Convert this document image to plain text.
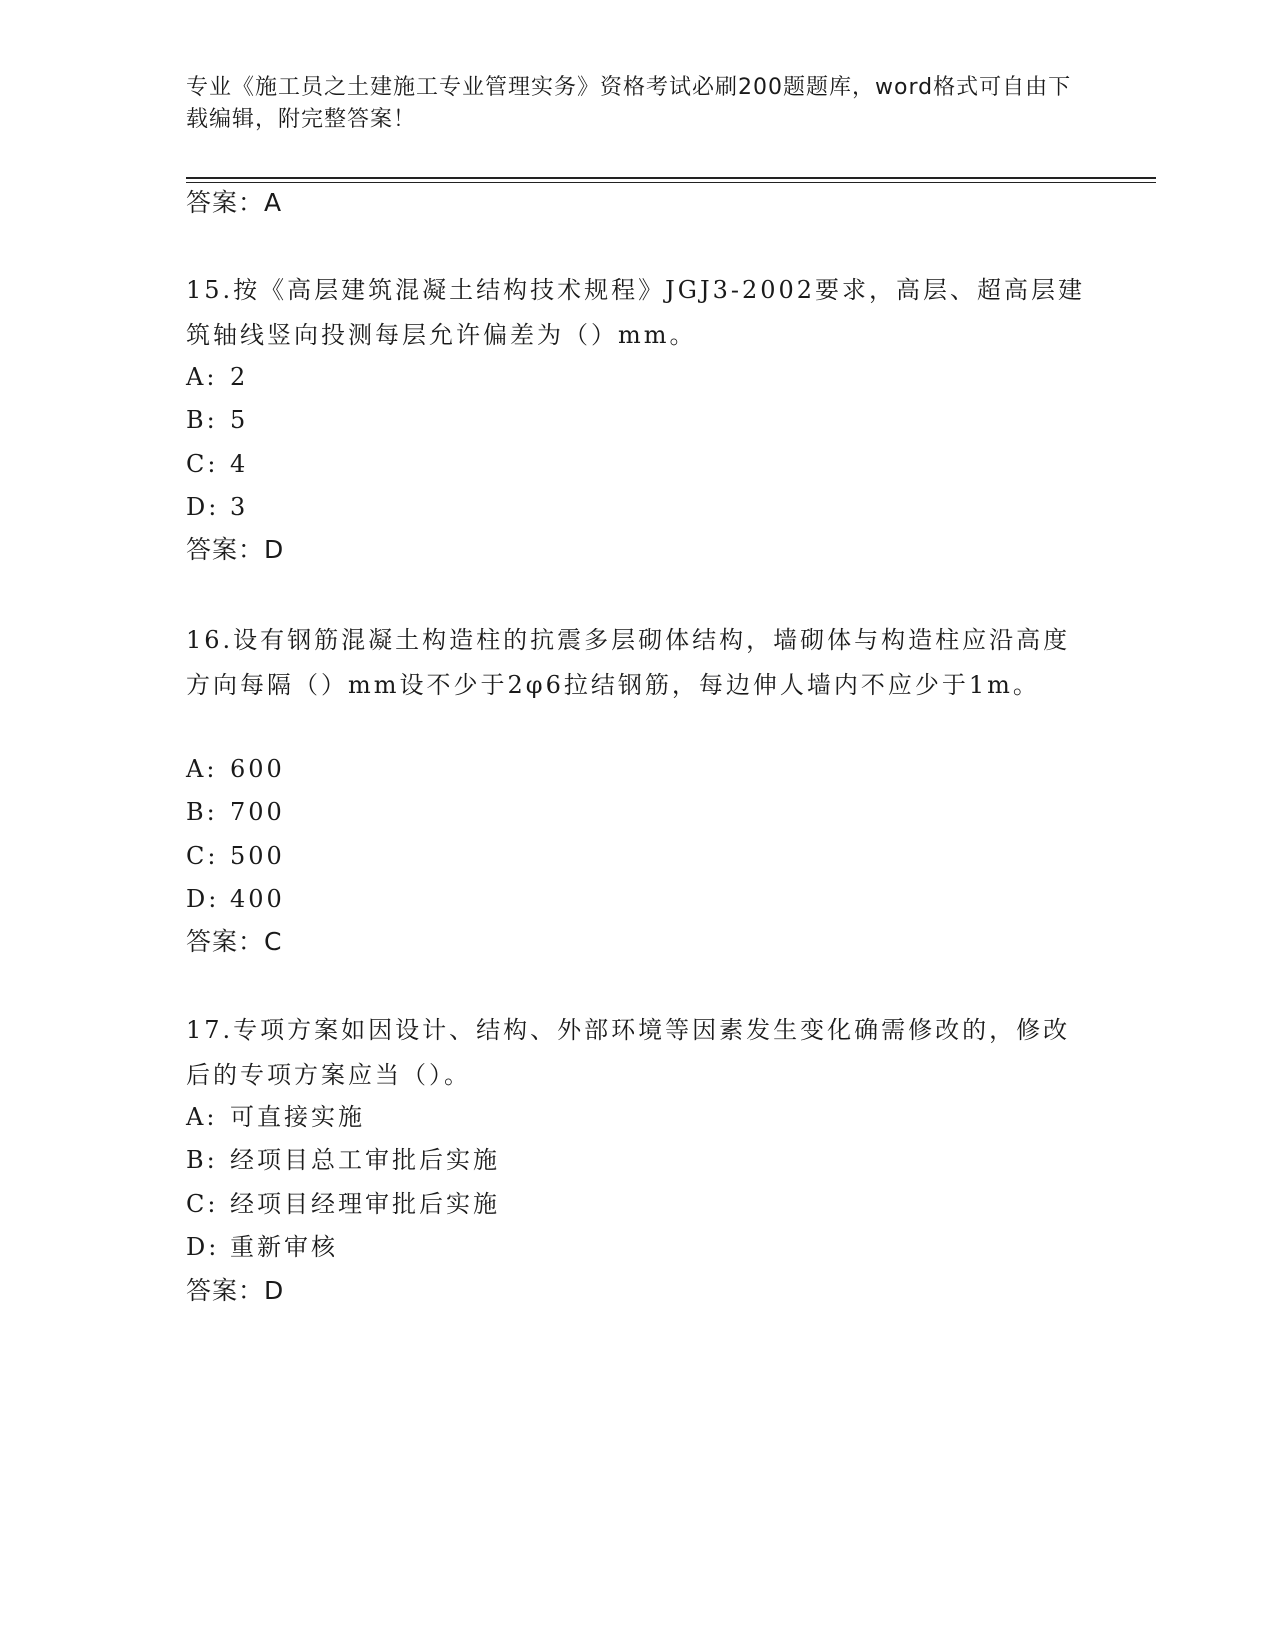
专业《施工员之土建施工专业管理实务》资格考试必刷200题题库，word格式可自由下载编辑，附完整答案！
答案：A
15.按《高层建筑混凝土结构技术规程》JGJ3-2002要求，高层、超高层建筑轴线竖向投测每层允许偏差为（）mm。
A: 2
B: 5
C: 4
D: 3
答案：D
16.设有钢筋混凝土构造柱的抗震多层砌体结构，墙砌体与构造柱应沿高度方向每隔（）mm设不少于2φ6拉结钢筋，每边伸人墙内不应少于1m。
A: 600
B: 700
C: 500
D: 400
答案：C
17.专项方案如因设计、结构、外部环境等因素发生变化确需修改的，修改后的专项方案应当（）。
A: 可直接实施
B: 经项目总工审批后实施
C: 经项目经理审批后实施
D: 重新审核
答案：D
